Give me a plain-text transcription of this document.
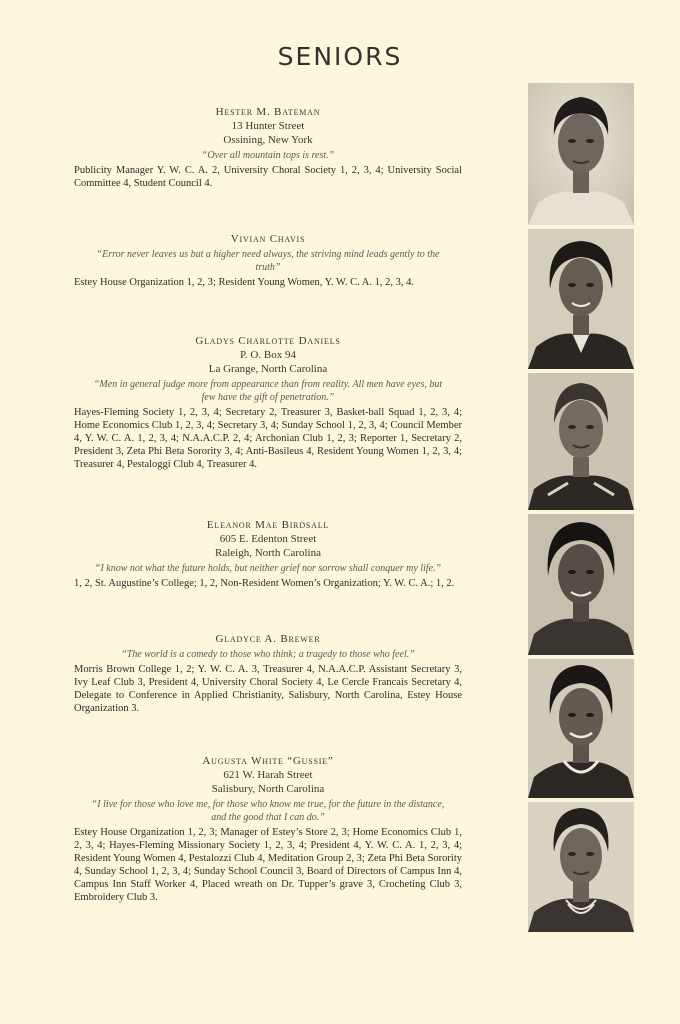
SENIORS
Hester M. Bateman
13 Hunter Street
Ossining, New York
“Over all mountain tops is rest.”
Publicity Manager Y. W. C. A. 2, University Choral Society 1, 2, 3, 4; University Social Committee 4, Student Council 4.
Vivian Chavis
“Error never leaves us but a higher need always, the striving mind leads gently to the truth”
Estey House Organization 1, 2, 3; Resident Young Women, Y. W. C. A. 1, 2, 3, 4.
Gladys Charlotte Daniels
P. O. Box 94
La Grange, North Carolina
“Men in general judge more from appearance than from reality. All men have eyes, but few have the gift of penetration.”
Hayes-Fleming Society 1, 2, 3, 4; Secretary 2, Treasurer 3, Basket-ball Squad 1, 2, 3, 4; Home Economics Club 1, 2, 3, 4; Secretary 3, 4; Sunday School 1, 2, 3, 4; Council Member 4, Y. W. C. A. 1, 2, 3, 4; N.A.A.C.P. 2, 4; Archonian Club 1, 2, 3; Reporter 1, Secretary 2, President 3, Zeta Phi Beta Sorority 3, 4; Anti-Basileus 4, Resident Young Women 1, 2, 3, 4; Treasurer 4, Pestaloggi Club 4, Treasurer 4.
Eleanor Mae Birdsall
605 E. Edenton Street
Raleigh, North Carolina
“I know not what the future holds, but neither grief nor sorrow shall conquer my life.”
1, 2, St. Augustine’s College; 1, 2, Non-Resident Women’s Organization; Y. W. C. A.; 1, 2.
Gladyce A. Brewer
“The world is a comedy to those who think; a tragedy to those who feel.”
Morris Brown College 1, 2; Y. W. C. A. 3, Treasurer 4, N.A.A.C.P. Assistant Secretary 3, Ivy Leaf Club 3, President 4, University Choral Society 4, Le Cercle Francais Secretary 4, Delegate to Conference in Applied Christianity, Salisbury, North Carolina, Estey House Organization 3.
Augusta White “Gussie”
621 W. Harah Street
Salisbury, North Carolina
“I live for those who love me, for those who know me true, for the future in the distance, and the good that I can do.”
Estey House Organization 1, 2, 3; Manager of Estey’s Store 2, 3; Home Economics Club 1, 2, 3, 4; Hayes-Fleming Missionary Society 1, 2, 3, 4; President 4, Y. W. C. A. 1, 2, 3, 4; Resident Young Women 4, Pestalozzi Club 4, Meditation Group 2, 3; Zeta Phi Beta Sorority 4, Sunday School 1, 2, 3, 4; Sunday School Council 3, Board of Directors of Campus Inn 4, Campus Inn Staff Worker 4, Placed wreath on Dr. Tupper’s grave 3, Crocheting Club 3, Embroidery Club 3.
